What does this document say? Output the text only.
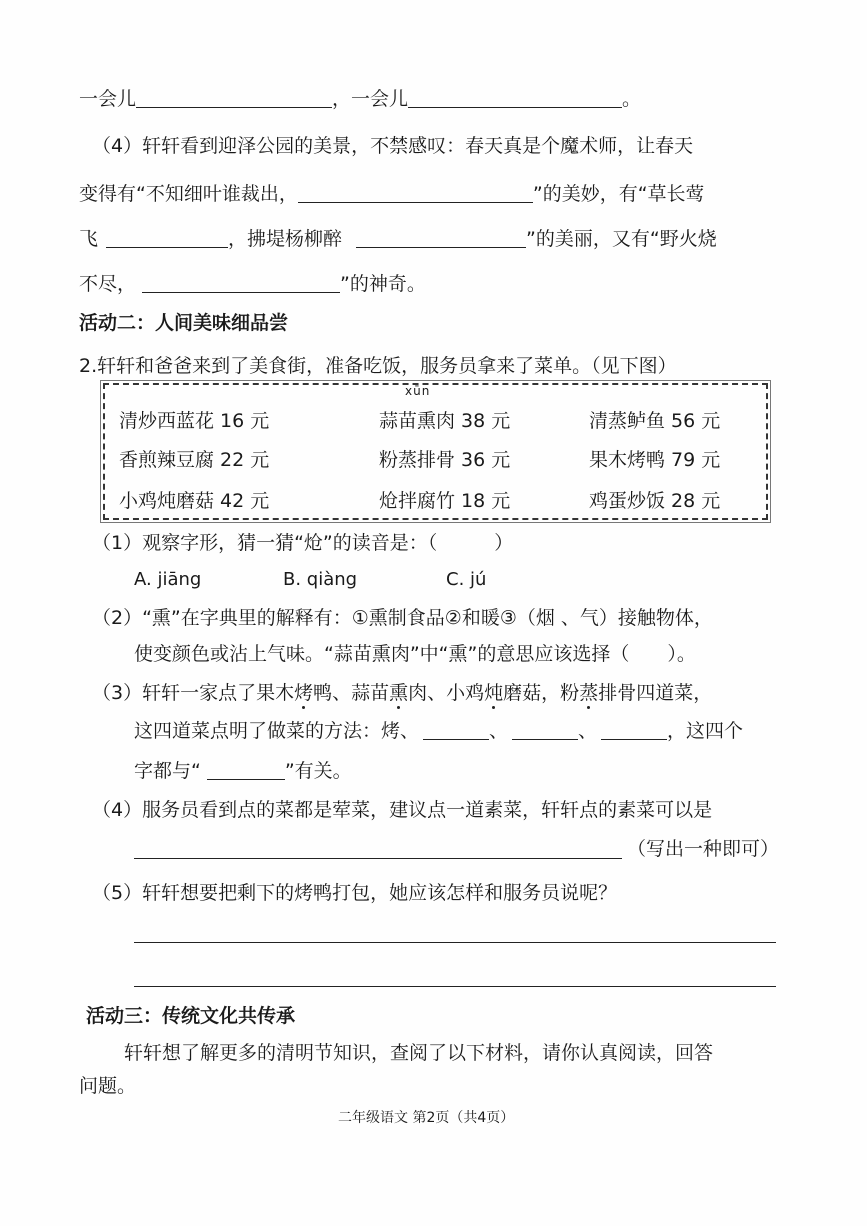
一会儿	，一会儿	。
（4）轩轩看到迎泽公园的美景，不禁感叹：春天真是个魔术师，让春天
变得有“不知细叶谁裁出，	”的美妙，有“草长莺
飞	，拂堤杨柳醉	”的美丽，又有“野火烧
不尽，	”的神奇。
活动二：人间美味细品尝
2.轩轩和爸爸来到了美食街，准备吃饭，服务员拿来了菜单。（见下图）
xūn
清炒西蓝花 16 元	蒜苗熏肉 38 元	清蒸鲈鱼 56 元
香煎辣豆腐 22 元	粉蒸排骨 36 元	果木烤鸭 79 元
小鸡炖磨菇 42 元	炝拌腐竹 18 元	鸡蛋炒饭 28 元
（1）观察字形，猜一猜“炝”的读音是：（　　　）
A. jiāng	B. qiàng	C. jú
（2）“熏”在字典里的解释有：①熏制食品②和暖③（烟 、气）接触物体，
使变颜色或沾上气味。“蒜苗熏肉”中“熏”的意思应该选择（　　）。
（3）轩轩一家点了果木烤鸭、蒜苗熏肉、小鸡炖磨菇，粉蒸排骨四道菜，
这四道菜点明了做菜的方法：烤、	、	、	，这四个
字都与“	”有关。
（4）服务员看到点的菜都是荤菜，建议点一道素菜，轩轩点的素菜可以是
（写出一种即可）
（5）轩轩想要把剩下的烤鸭打包，她应该怎样和服务员说呢？
活动三：传统文化共传承
轩轩想了解更多的清明节知识，查阅了以下材料，请你认真阅读，回答
问题。
二年级语文 第2页（共4页）
